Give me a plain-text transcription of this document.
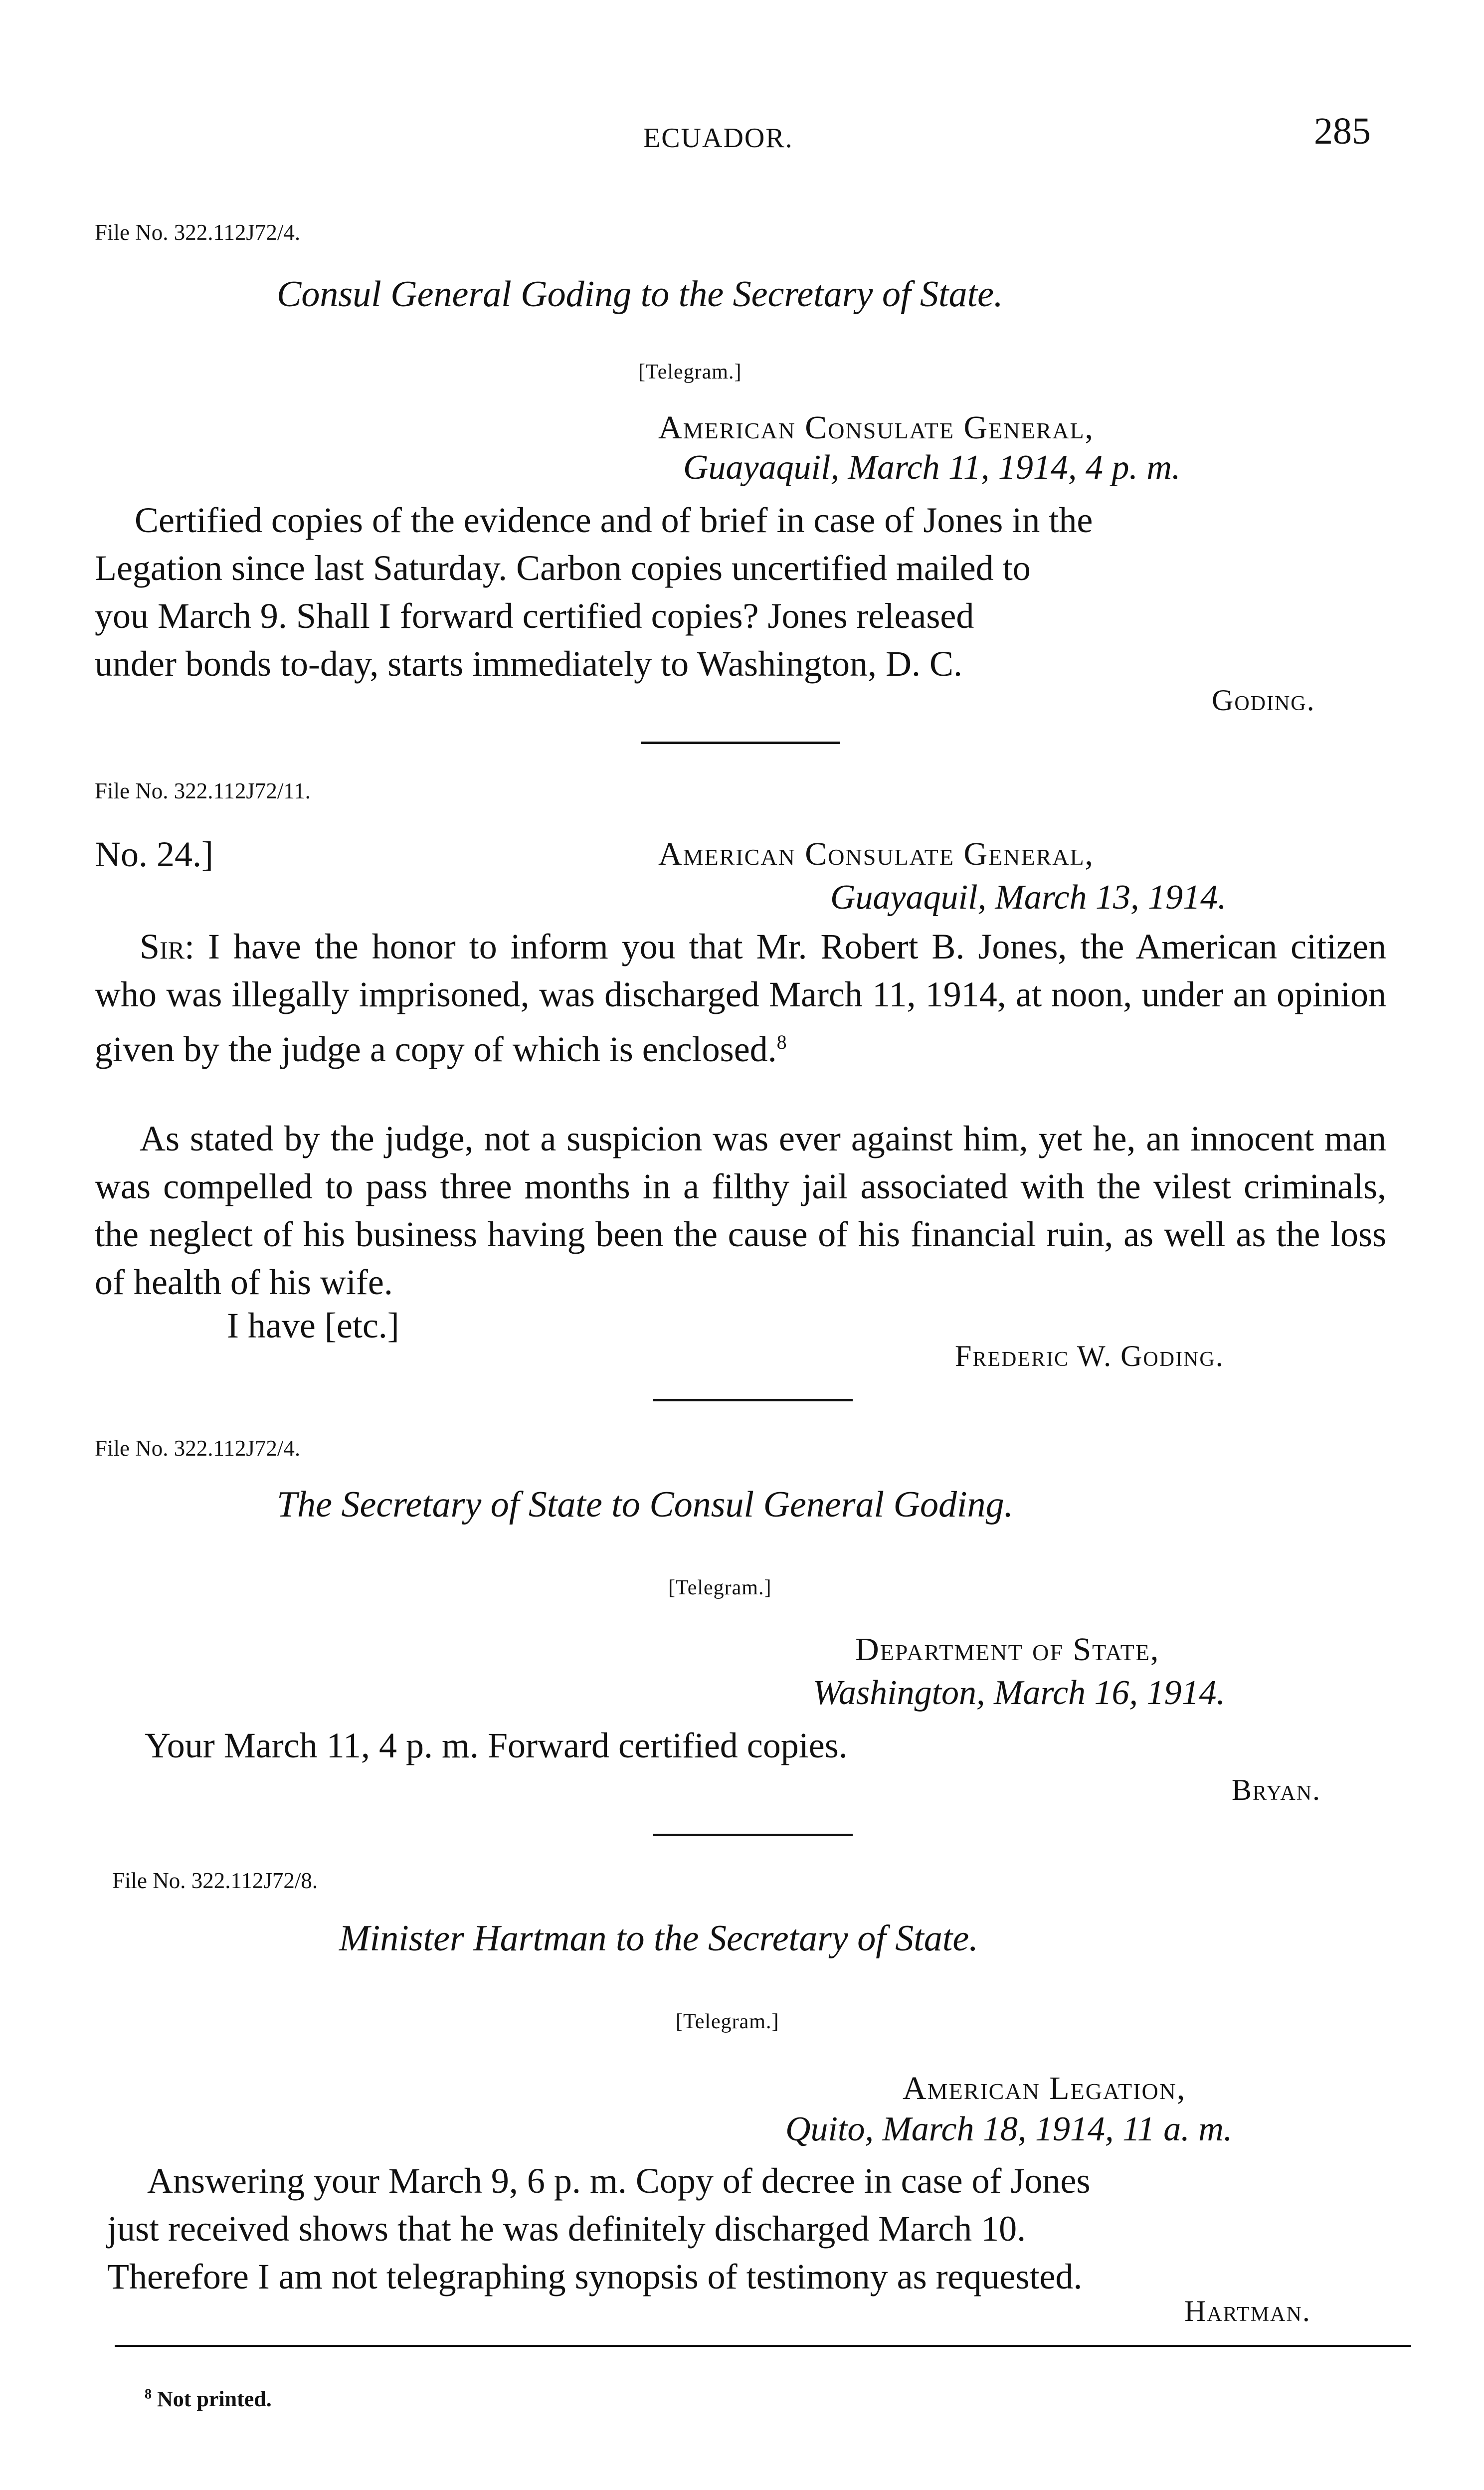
ECUADOR.	285
File No. 322.112J72/4.
Consul General Goding to the Secretary of State.
[Telegram.]
American Consulate General,
Guayaquil, March 11, 1914, 4 p. m.
Certified copies of the evidence and of brief in case of Jones in the
Legation since last Saturday. Carbon copies uncertified mailed to
you March 9. Shall I forward certified copies? Jones released
under bonds to-day, starts immediately to Washington, D. C.
Goding.
File No. 322.112J72/11.
No. 24.]	American Consulate General,
Guayaquil, March 13, 1914.
Sir: I have the honor to inform you that Mr. Robert B. Jones, the American citizen who was illegally imprisoned, was discharged March 11, 1914, at noon, under an opinion given by the judge a copy of which is enclosed.$^8$
As stated by the judge, not a suspicion was ever against him, yet he, an innocent man was compelled to pass three months in a filthy jail associated with the vilest criminals, the neglect of his business having been the cause of his financial ruin, as well as the loss of health of his wife.
I have [etc.]
Frederic W. Goding.
File No. 322.112J72/4.
The Secretary of State to Consul General Goding.
[Telegram.]
Department of State,
Washington, March 16, 1914.
Your March 11, 4 p. m. Forward certified copies.
Bryan.
File No. 322.112J72/8.
Minister Hartman to the Secretary of State.
[Telegram.]
American Legation,
Quito, March 18, 1914, 11 a. m.
Answering your March 9, 6 p. m. Copy of decree in case of Jones
just received shows that he was definitely discharged March 10.
Therefore I am not telegraphing synopsis of testimony as requested.
Hartman.
$^8$ Not printed.
